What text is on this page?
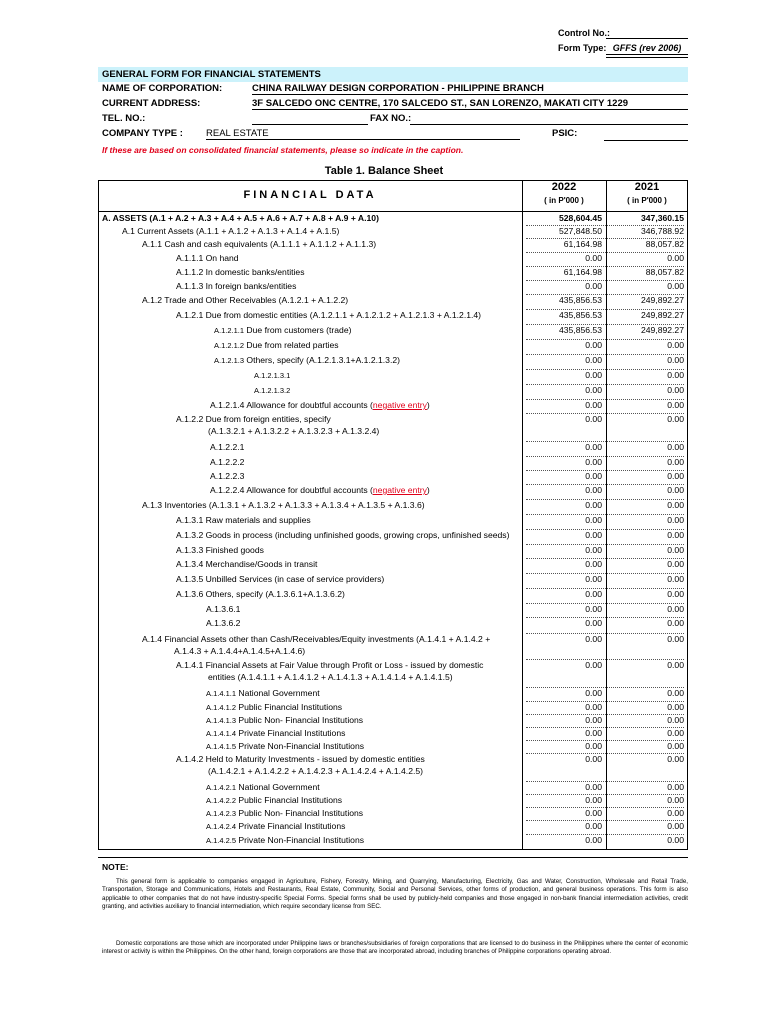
Control No.:
Form Type: GFFS (rev 2006)
GENERAL FORM FOR FINANCIAL STATEMENTS
NAME OF CORPORATION:	CHINA RAILWAY DESIGN CORPORATION - PHILIPPINE BRANCH
CURRENT ADDRESS:	3F SALCEDO ONC CENTRE, 170 SALCEDO ST., SAN LORENZO, MAKATI CITY 1229
TEL. NO.:	FAX NO.:
COMPANY TYPE : REAL ESTATE	PSIC:
If these are based on consolidated financial statements, please so indicate in the caption.
Table 1. Balance Sheet
FINANCIAL DATA
2022
( in P'000 )
2021
( in P'000 )
A. ASSETS (A.1 + A.2 + A.3 + A.4 + A.5 + A.6 + A.7 + A.8 + A.9 + A.10)	528,604.45	347,360.15
A.1 Current Assets (A.1.1 + A.1.2 + A.1.3 + A.1.4 + A.1.5)	527,848.50	346,788.92
A.1.1 Cash and cash equivalents (A.1.1.1 + A.1.1.2 + A.1.1.3)	61,164.98	88,057.82
A.1.1.1 On hand	0.00	0.00
A.1.1.2 In domestic banks/entities	61,164.98	88,057.82
A.1.1.3 In foreign banks/entities	0.00	0.00
A.1.2 Trade and Other Receivables (A.1.2.1 + A.1.2.2)	435,856.53	249,892.27
A.1.2.1 Due from domestic entities (A.1.2.1.1 + A.1.2.1.2 + A.1.2.1.3 + A.1.2.1.4)	435,856.53	249,892.27
A.1.2.1.1 Due from customers (trade)	435,856.53	249,892.27
A.1.2.1.2 Due from related parties	0.00	0.00
A.1.2.1.3 Others, specify (A.1.2.1.3.1+A.1.2.1.3.2)	0.00	0.00
A.1.2.1.3.1	0.00	0.00
A.1.2.1.3.2	0.00	0.00
A.1.2.1.4 Allowance for doubtful accounts (negative entry)	0.00	0.00
A.1.2.2 Due from foreign entities, specify
(A.1.3.2.1 + A.1.3.2.2 + A.1.3.2.3 + A.1.3.2.4)
0.00	0.00
A.1.2.2.1	0.00	0.00
A.1.2.2.2	0.00	0.00
A.1.2.2.3	0.00	0.00
A.1.2.2.4 Allowance for doubtful accounts (negative entry)	0.00	0.00
A.1.3 Inventories (A.1.3.1 + A.1.3.2 + A.1.3.3 + A.1.3.4 + A.1.3.5 + A.1.3.6)	0.00	0.00
A.1.3.1 Raw materials and supplies	0.00	0.00
A.1.3.2 Goods in process (including unfinished goods, growing crops, unfinished seeds)	0.00	0.00
A.1.3.3 Finished goods	0.00	0.00
A.1.3.4 Merchandise/Goods in transit	0.00	0.00
A.1.3.5 Unbilled Services (in case of service providers)	0.00	0.00
A.1.3.6 Others, specify (A.1.3.6.1+A.1.3.6.2)	0.00	0.00
A.1.3.6.1	0.00	0.00
A.1.3.6.2	0.00	0.00
A.1.4 Financial Assets other than Cash/Receivables/Equity investments (A.1.4.1 + A.1.4.2 +
A.1.4.3 + A.1.4.4+A.1.4.5+A.1.4.6)
0.00	0.00
A.1.4.1 Financial Assets at Fair Value through Profit or Loss - issued by domestic
entities (A.1.4.1.1 + A.1.4.1.2 + A.1.4.1.3 + A.1.4.1.4 + A.1.4.1.5)
0.00	0.00
A.1.4.1.1 National Government	0.00	0.00
A.1.4.1.2 Public Financial Institutions	0.00	0.00
A.1.4.1.3 Public Non- Financial Institutions	0.00	0.00
A.1.4.1.4 Private Financial Institutions	0.00	0.00
A.1.4.1.5 Private Non-Financial Institutions	0.00	0.00
A.1.4.2 Held to Maturity Investments - issued by domestic entities
(A.1.4.2.1 + A.1.4.2.2 + A.1.4.2.3 + A.1.4.2.4 + A.1.4.2.5)
0.00	0.00
A.1.4.2.1 National Government	0.00	0.00
A.1.4.2.2 Public Financial Institutions	0.00	0.00
A.1.4.2.3 Public Non- Financial Institutions	0.00	0.00
A.1.4.2.4 Private Financial Institutions	0.00	0.00
A.1.4.2.5 Private Non-Financial Institutions	0.00	0.00
NOTE:
This general form is applicable to companies engaged in Agriculture, Fishery, Forestry, Mining, and Quarrying, Manufacturing, Electricity, Gas and Water, Construction, Wholesale and Retail Trade, Transportation, Storage and Communications, Hotels and Restaurants, Real Estate, Community, Social and Personal Services, other forms of production, and general business operations. This form is also applicable to other companies that do not have industry-specific Special Forms. Special forms shall be used by publicly-held companies and those engaged in non-bank financial intermediation activities, credit granting, and activities auxiliary to financial intermediation, which require secondary license from SEC.
Domestic corporations are those which are incorporated under Philippine laws or branches/subsidiaries of foreign corporations that are licensed to do business in the Philippines where the center of economic interest or activity is within the Philippines. On the other hand, foreign corporations are those that are incorporated abroad, including branches of Philippine corporations operating abroad.
